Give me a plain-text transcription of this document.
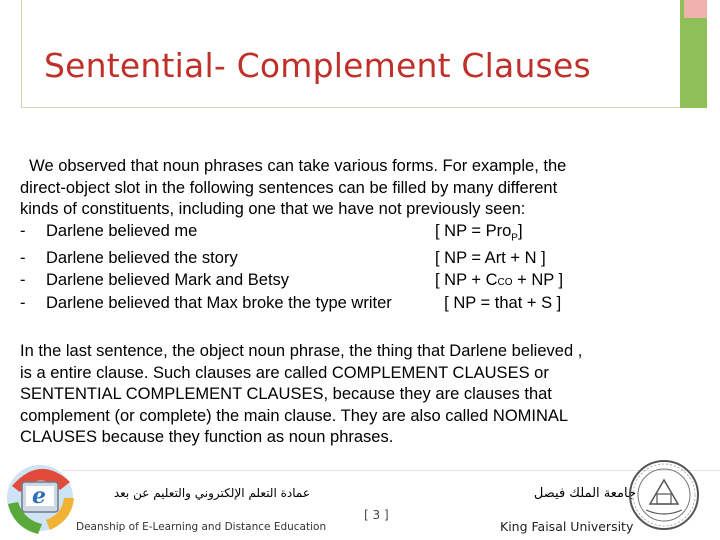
Sentential- Complement Clauses
We observed that noun phrases can take various forms. For example, the
direct-object slot in the following sentences can be filled by many different
kinds of constituents, including one that we have not previously seen:
-	Darlene believed me	[ NP = Pro$_P$]
-	Darlene believed the story	[ NP = Art + N ]
-	Darlene believed Mark and Betsy	[ NP + CCO + NP ]
-	Darlene believed that Max broke the type writer	[ NP = that + S ]
In the last sentence, the object noun phrase, the thing that Darlene believed ,
is a entire clause. Such clauses are called COMPLEMENT CLAUSES or
SENTENTIAL COMPLEMENT CLAUSES, because they are clauses that
complement (or complete) the main clause. They are also called NOMINAL
CLAUSES because they function as noun phrases.
e	عمادة التعلم الإلكتروني والتعليم عن بعد
Deanship of E-Learning and Distance Education
[ 3 ]
جامعة الملك فيصل
King Faisal University
